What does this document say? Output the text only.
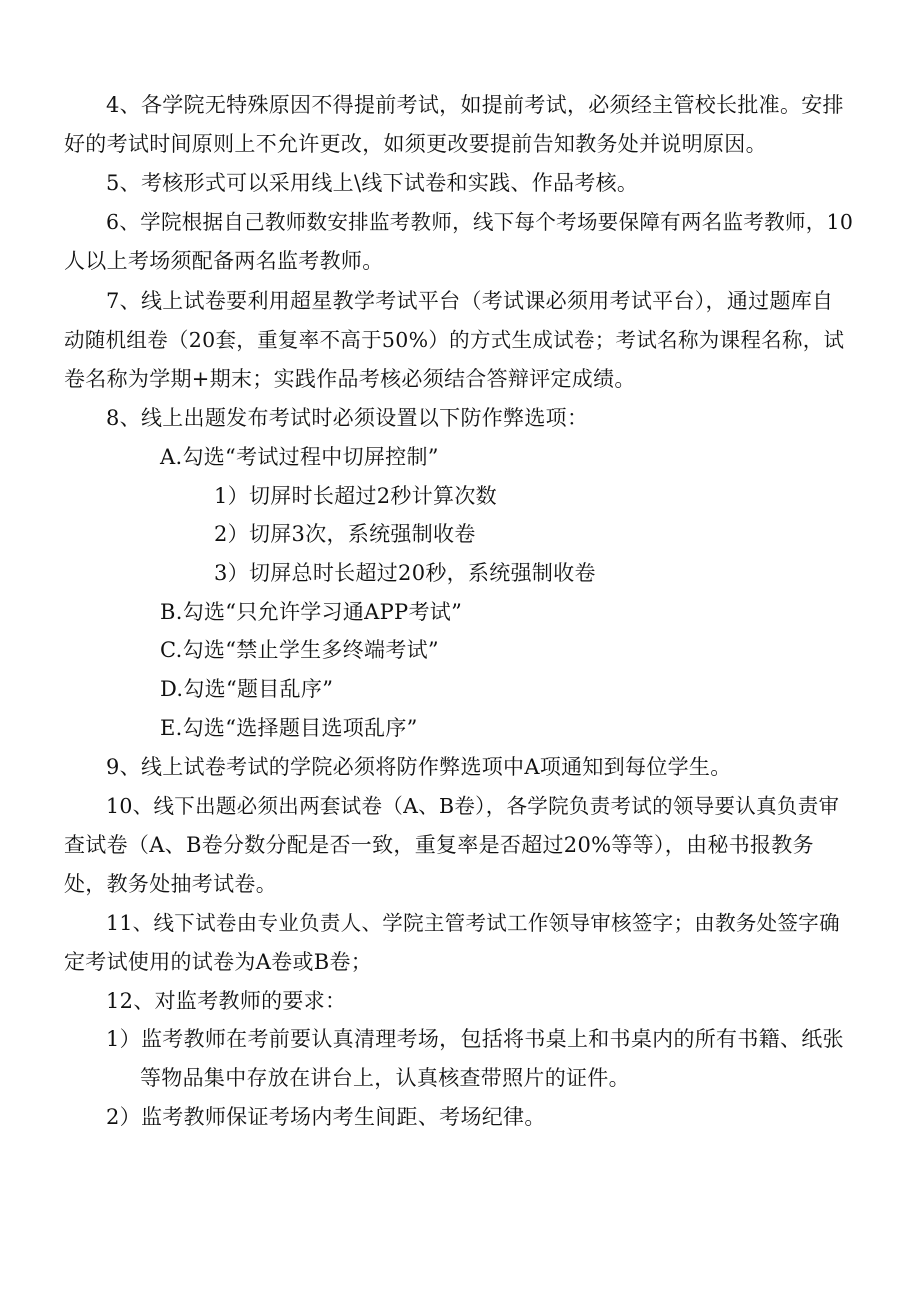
4、各学院无特殊原因不得提前考试，如提前考试，必须经主管校长批准。安排
好的考试时间原则上不允许更改，如须更改要提前告知教务处并说明原因。
5、考核形式可以采用线上\线下试卷和实践、作品考核。
6、学院根据自己教师数安排监考教师，线下每个考场要保障有两名监考教师，10
人以上考场须配备两名监考教师。
7、线上试卷要利用超星教学考试平台（考试课必须用考试平台），通过题库自
动随机组卷（20套，重复率不高于50%）的方式生成试卷；考试名称为课程名称，试
卷名称为学期+期末；实践作品考核必须结合答辩评定成绩。
8、线上出题发布考试时必须设置以下防作弊选项：
A.勾选“考试过程中切屏控制”
1）切屏时长超过2秒计算次数
2）切屏3次，系统强制收卷
3）切屏总时长超过20秒，系统强制收卷
B.勾选“只允许学习通APP考试”
C.勾选“禁止学生多终端考试”
D.勾选“题目乱序”
E.勾选“选择题目选项乱序”
9、线上试卷考试的学院必须将防作弊选项中A项通知到每位学生。
10、线下出题必须出两套试卷（A、B卷），各学院负责考试的领导要认真负责审
查试卷（A、B卷分数分配是否一致，重复率是否超过20%等等），由秘书报教务
处，教务处抽考试卷。
11、线下试卷由专业负责人、学院主管考试工作领导审核签字；由教务处签字确
定考试使用的试卷为A卷或B卷；
12、对监考教师的要求：
1）监考教师在考前要认真清理考场，包括将书桌上和书桌内的所有书籍、纸张
等物品集中存放在讲台上，认真核查带照片的证件。
2）监考教师保证考场内考生间距、考场纪律。
